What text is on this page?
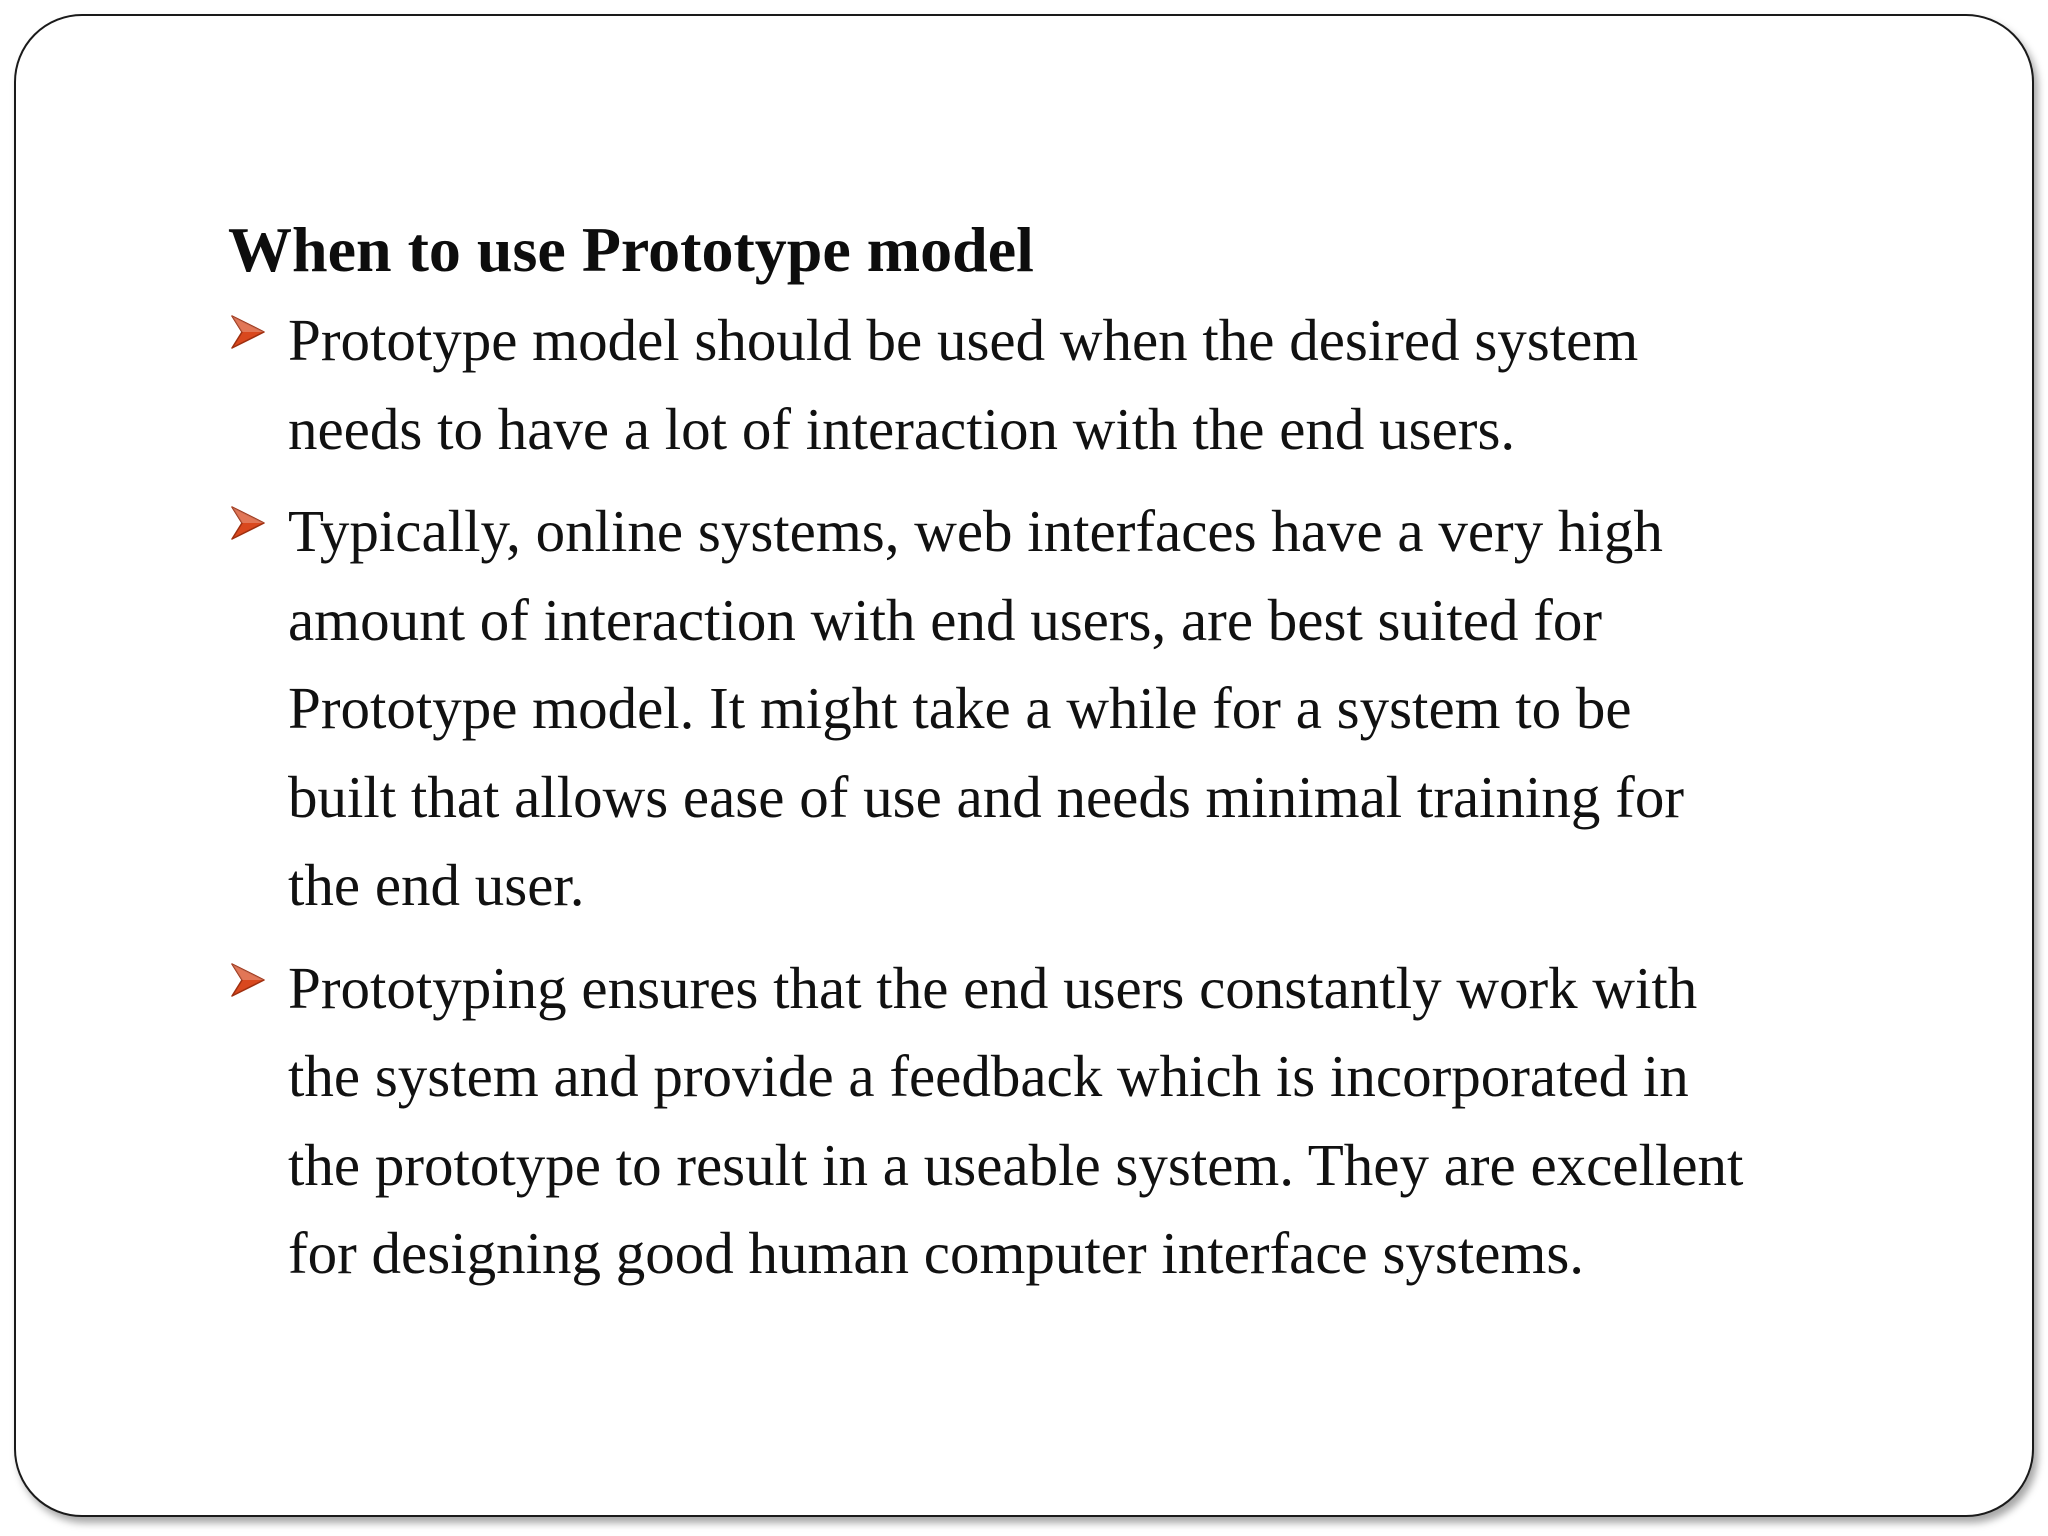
When to use Prototype model
Prototype model should be used when the desired system
needs to have a lot of interaction with the end users.
Typically, online systems, web interfaces have a very high
amount of interaction with end users, are best suited for
Prototype model. It might take a while for a system to be
built that allows ease of use and needs minimal training for
the end user.
Prototyping ensures that the end users constantly work with
the system and provide a feedback which is incorporated in
the prototype to result in a useable system. They are excellent
for designing good human computer interface systems.
